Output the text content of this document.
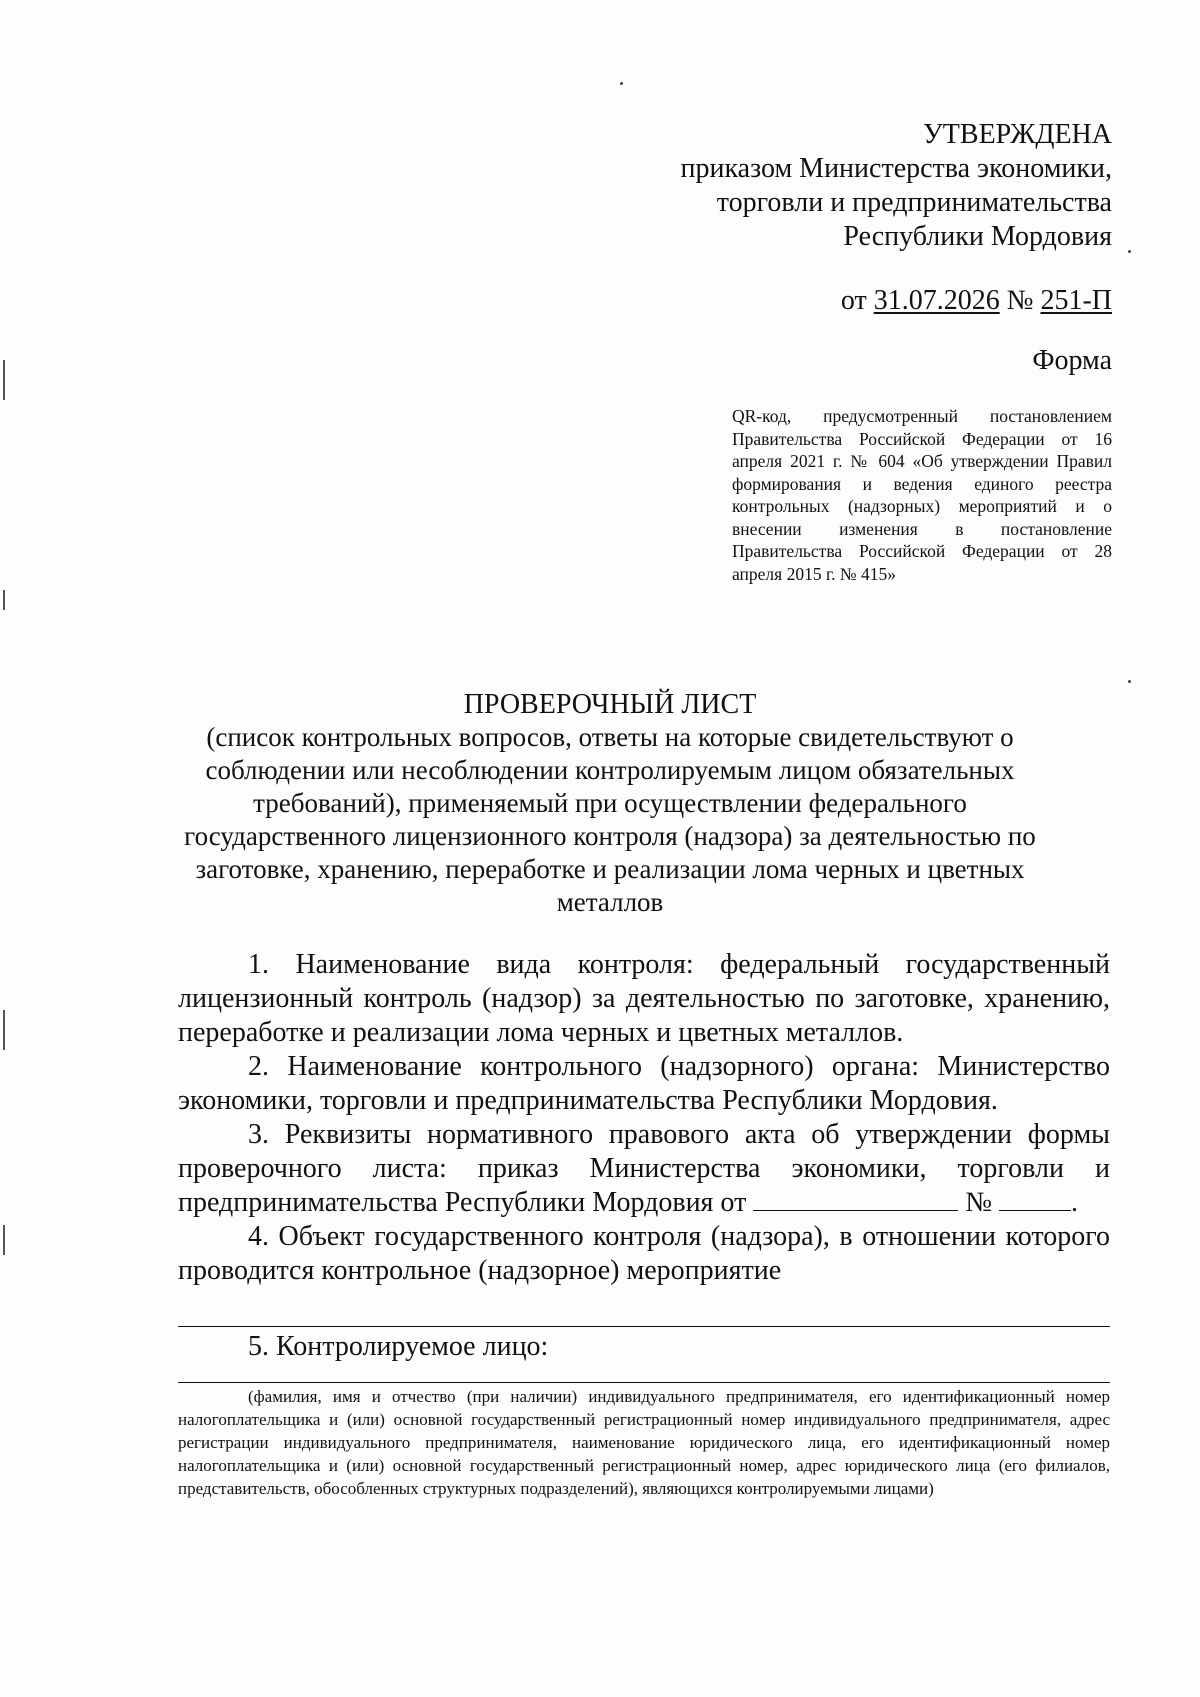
УТВЕРЖДЕНА
приказом Министерства экономики,
торговли и предпринимательства
Республики Мордовия
от 31.07.2026 № 251-П
Форма
QR-код, предусмотренный постановлением Правительства Российской Федерации от 16 апреля 2021 г. № 604 «Об утверждении Правил формирования и ведения единого реестра контрольных (надзорных) мероприятий и о внесении изменения в постановление Правительства Российской Федерации от 28 апреля 2015 г. № 415»
ПРОВЕРОЧНЫЙ ЛИСТ
(список контрольных вопросов, ответы на которые свидетельствуют о соблюдении или несоблюдении контролируемым лицом обязательных требований), применяемый при осуществлении федерального государственного лицензионного контроля (надзора) за деятельностью по заготовке, хранению, переработке и реализации лома черных и цветных металлов

1. Наименование вида контроля: федеральный государственный лицензионный контроль (надзор) за деятельностью по заготовке, хранению, переработке и реализации лома черных и цветных металлов.

2. Наименование контрольного (надзорного) органа: Министерство экономики, торговли и предпринимательства Республики Мордовия.

3. Реквизиты нормативного правового акта об утверждении формы проверочного листа: приказ Министерства экономики, торговли и предпринимательства Республики Мордовия от	№	.

4. Объект государственного контроля (надзора), в отношении которого проводится контрольное (надзорное) мероприятие

5. Контролируемое лицо:

(фамилия, имя и отчество (при наличии) индивидуального предпринимателя, его идентификационный номер налогоплательщика и (или) основной государственный регистрационный номер индивидуального предпринимателя, адрес регистрации индивидуального предпринимателя, наименование юридического лица, его идентификационный номер налогоплательщика и (или) основной государственный регистрационный номер, адрес юридического лица (его филиалов, представительств, обособленных структурных подразделений), являющихся контролируемыми лицами)
